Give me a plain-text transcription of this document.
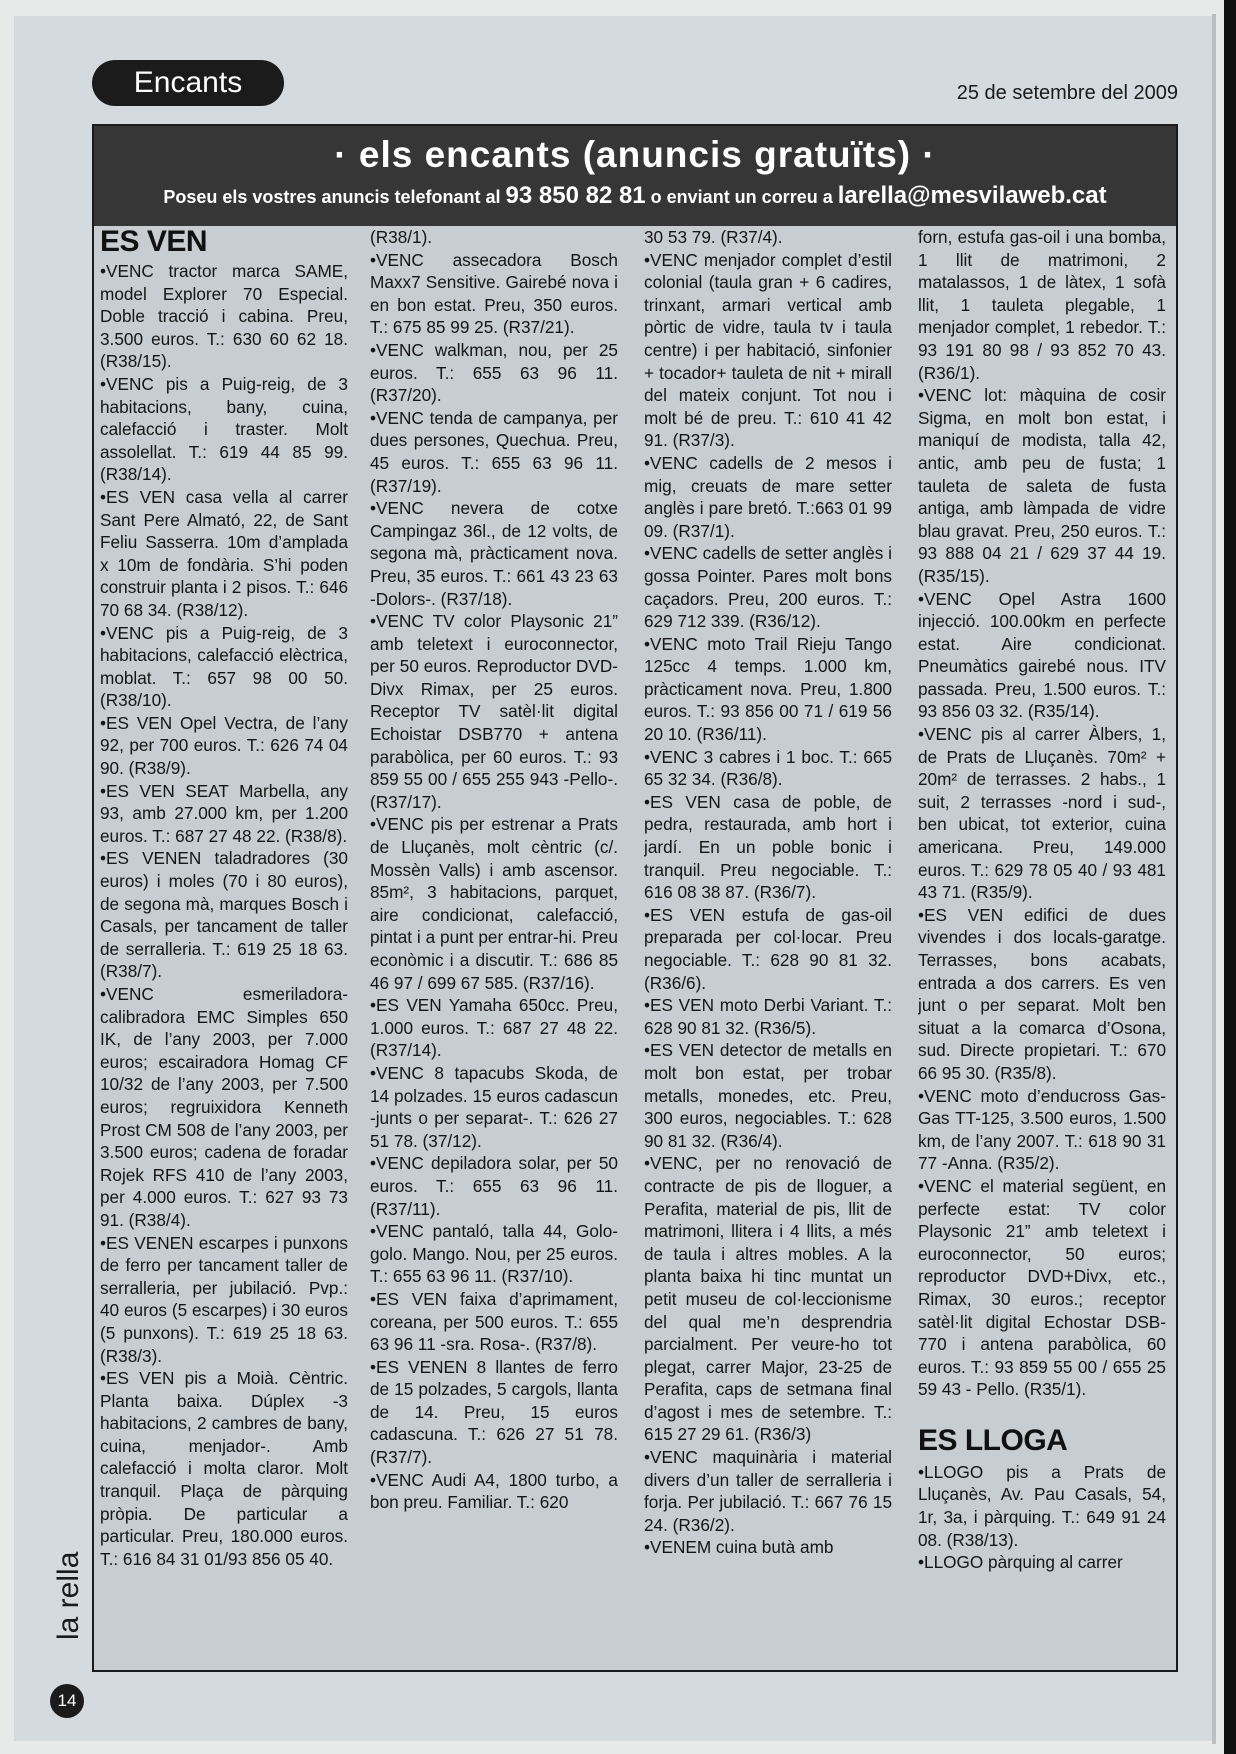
Encants	25 de setembre del 2009
· els encants (anuncis gratuïts) ·
Poseu els vostres anuncis telefonant al 93 850 82 81 o enviant un correu a larella@mesvilaweb.cat
ES VEN

•VENC tractor marca SAME, model Explorer 70 Especial. Doble tracció i cabina. Preu, 3.500 euros. T.: 630 60 62 18. (R38/15).

•VENC pis a Puig-reig, de 3 habitacions, bany, cuina, calefacció i traster. Molt assolellat. T.: 619 44 85 99. (R38/14).

•ES VEN casa vella al carrer Sant Pere Almató, 22, de Sant Feliu Sasserra. 10m d’amplada x 10m de fondària. S’hi poden construir planta i 2 pisos. T.: 646 70 68 34. (R38/12).

•VENC pis a Puig-reig, de 3 habitacions, calefacció elèctrica, moblat. T.: 657 98 00 50. (R38/10).

•ES VEN Opel Vectra, de l’any 92, per 700 euros. T.: 626 74 04 90. (R38/9).

•ES VEN SEAT Marbella, any 93, amb 27.000 km, per 1.200 euros. T.: 687 27 48 22. (R38/8).

•ES VENEN taladradores (30 euros) i moles (70 i 80 euros), de segona mà, marques Bosch i Casals, per tancament de taller de serralleria. T.: 619 25 18 63. (R38/7).

•VENC esmeriladora-calibradora EMC Simples 650 IK, de l’any 2003, per 7.000 euros; escairadora Homag CF 10/32 de l’any 2003, per 7.500 euros; regruixidora Kenneth Prost CM 508 de l’any 2003, per 3.500 euros; cadena de foradar Rojek RFS 410 de l’any 2003, per 4.000 euros. T.: 627 93 73 91. (R38/4).

•ES VENEN escarpes i punxons de ferro per tancament taller de serralleria, per jubilació. Pvp.: 40 euros (5 escarpes) i 30 euros (5 punxons). T.: 619 25 18 63. (R38/3).

•ES VEN pis a Moià. Cèntric. Planta baixa. Dúplex -3 habitacions, 2 cambres de bany, cuina, menjador-. Amb calefacció i molta claror. Molt tranquil. Plaça de pàrquing pròpia. De particular a particular. Preu, 180.000 euros. T.: 616 84 31 01/93 856 05 40.

(R38/1).

•VENC assecadora Bosch Maxx7 Sensitive. Gairebé nova i en bon estat. Preu, 350 euros. T.: 675 85 99 25. (R37/21).

•VENC walkman, nou, per 25 euros. T.: 655 63 96 11. (R37/20).

•VENC tenda de campanya, per dues persones, Quechua. Preu, 45 euros. T.: 655 63 96 11. (R37/19).

•VENC nevera de cotxe Campingaz 36l., de 12 volts, de segona mà, pràcticament nova. Preu, 35 euros. T.: 661 43 23 63 -Dolors-. (R37/18).

•VENC TV color Playsonic 21” amb teletext i euroconnector, per 50 euros. Reproductor DVD-Divx Rimax, per 25 euros. Receptor TV satèl·lit digital Echoistar DSB770 + antena parabòlica, per 60 euros. T.: 93 859 55 00 / 655 255 943 -Pello-. (R37/17).

•VENC pis per estrenar a Prats de Lluçanès, molt cèntric (c/. Mossèn Valls) i amb ascensor. 85m², 3 habitacions, parquet, aire condicionat, calefacció, pintat i a punt per entrar-hi. Preu econòmic i a discutir. T.: 686 85 46 97 / 699 67 585. (R37/16).

•ES VEN Yamaha 650cc. Preu, 1.000 euros. T.: 687 27 48 22. (R37/14).

•VENC 8 tapacubs Skoda, de 14 polzades. 15 euros cadascun -junts o per separat-. T.: 626 27 51 78. (37/12).

•VENC depiladora solar, per 50 euros. T.: 655 63 96 11. (R37/11).

•VENC pantaló, talla 44, Golo-golo. Mango. Nou, per 25 euros. T.: 655 63 96 11. (R37/10).

•ES VEN faixa d’aprimament, coreana, per 500 euros. T.: 655 63 96 11 -sra. Rosa-. (R37/8).

•ES VENEN 8 llantes de ferro de 15 polzades, 5 cargols, llanta de 14. Preu, 15 euros cadascuna. T.: 626 27 51 78. (R37/7).

•VENC Audi A4, 1800 turbo, a bon preu. Familiar. T.: 620

30 53 79. (R37/4).

•VENC menjador complet d’estil colonial (taula gran + 6 cadires, trinxant, armari vertical amb pòrtic de vidre, taula tv i taula centre) i per habitació, sinfonier + tocador+ tauleta de nit + mirall del mateix conjunt. Tot nou i molt bé de preu. T.: 610 41 42 91. (R37/3).

•VENC cadells de 2 mesos i mig, creuats de mare setter anglès i pare bretó. T.:663 01 99 09. (R37/1).

•VENC cadells de setter anglès i gossa Pointer. Pares molt bons caçadors. Preu, 200 euros. T.: 629 712 339. (R36/12).

•VENC moto Trail Rieju Tango 125cc 4 temps. 1.000 km, pràcticament nova. Preu, 1.800 euros. T.: 93 856 00 71 / 619 56 20 10. (R36/11).

•VENC 3 cabres i 1 boc. T.: 665 65 32 34. (R36/8).

•ES VEN casa de poble, de pedra, restaurada, amb hort i jardí. En un poble bonic i tranquil. Preu negociable. T.: 616 08 38 87. (R36/7).

•ES VEN estufa de gas-oil preparada per col·locar. Preu negociable. T.: 628 90 81 32. (R36/6).

•ES VEN moto Derbi Variant. T.: 628 90 81 32. (R36/5).

•ES VEN detector de metalls en molt bon estat, per trobar metalls, monedes, etc. Preu, 300 euros, negociables. T.: 628 90 81 32. (R36/4).

•VENC, per no renovació de contracte de pis de lloguer, a Perafita, material de pis, llit de matrimoni, llitera i 4 llits, a més de taula i altres mobles. A la planta baixa hi tinc muntat un petit museu de col·leccionisme del qual me’n desprendria parcialment. Per veure-ho tot plegat, carrer Major, 23-25 de Perafita, caps de setmana final d’agost i mes de setembre. T.: 615 27 29 61. (R36/3)

•VENC maquinària i material divers d’un taller de serralleria i forja. Per jubilació. T.: 667 76 15 24. (R36/2).

•VENEM cuina butà amb

forn, estufa gas-oil i una bomba, 1 llit de matrimoni, 2 matalassos, 1 de làtex, 1 sofà llit, 1 tauleta plegable, 1 menjador complet, 1 rebedor. T.: 93 191 80 98 / 93 852 70 43. (R36/1).

•VENC lot: màquina de cosir Sigma, en molt bon estat, i maniquí de modista, talla 42, antic, amb peu de fusta; 1 tauleta de saleta de fusta antiga, amb làmpada de vidre blau gravat. Preu, 250 euros. T.: 93 888 04 21 / 629 37 44 19. (R35/15).

•VENC Opel Astra 1600 injecció. 100.00km en perfecte estat. Aire condicionat. Pneumàtics gairebé nous. ITV passada. Preu, 1.500 euros. T.: 93 856 03 32. (R35/14).

•VENC pis al carrer Àlbers, 1, de Prats de Lluçanès. 70m² + 20m² de terrasses. 2 habs., 1 suit, 2 terrasses -nord i sud-, ben ubicat, tot exterior, cuina americana. Preu, 149.000 euros. T.: 629 78 05 40 / 93 481 43 71. (R35/9).

•ES VEN edifici de dues vivendes i dos locals-garatge. Terrasses, bons acabats, entrada a dos carrers. Es ven junt o per separat. Molt ben situat a la comarca d’Osona, sud. Directe propietari. T.: 670 66 95 30. (R35/8).

•VENC moto d’enducross Gas-Gas TT-125, 3.500 euros, 1.500 km, de l’any 2007. T.: 618 90 31 77 -Anna. (R35/2).

•VENC el material següent, en perfecte estat: TV color Playsonic 21” amb teletext i euroconnector, 50 euros; reproductor DVD+Divx, etc., Rimax, 30 euros.; receptor satèl·lit digital Echostar DSB-770 i antena parabòlica, 60 euros. T.: 93 859 55 00 / 655 25 59 43 - Pello. (R35/1).

ES LLOGA

•LLOGO pis a Prats de Lluçanès, Av. Pau Casals, 54, 1r, 3a, i pàrquing. T.: 649 91 24 08. (R38/13).

•LLOGO pàrquing al carrer

la rella
14
